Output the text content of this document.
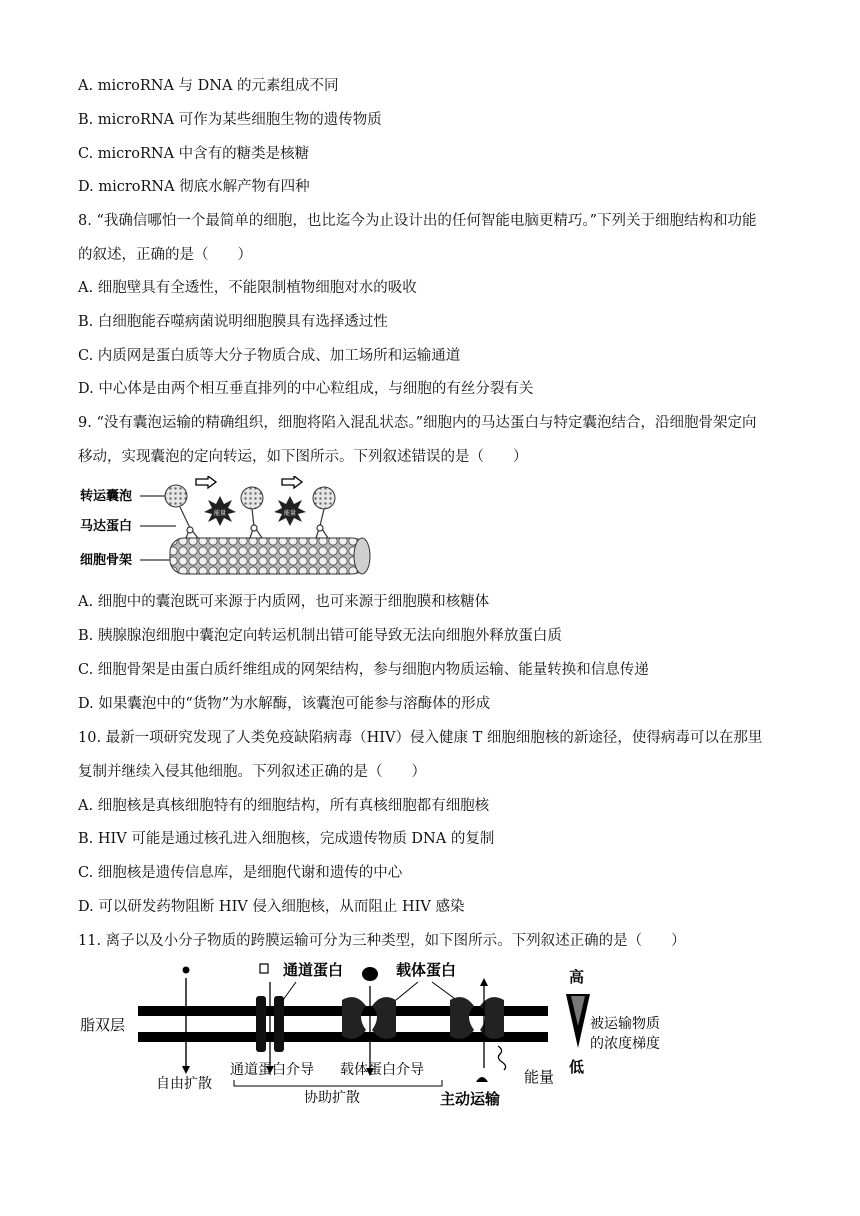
A. microRNA 与 DNA 的元素组成不同
B. microRNA 可作为某些细胞生物的遗传物质
C. microRNA 中含有的糖类是核糖
D. microRNA 彻底水解产物有四种
8. “我确信哪怕一个最简单的细胞，也比迄今为止设计出的任何智能电脑更精巧。”下列关于细胞结构和功能
的叙述，正确的是（　　）
A. 细胞壁具有全透性，不能限制植物细胞对水的吸收
B. 白细胞能吞噬病菌说明细胞膜具有选择透过性
C. 内质网是蛋白质等大分子物质合成、加工场所和运输通道
D. 中心体是由两个相互垂直排列的中心粒组成，与细胞的有丝分裂有关
9. “没有囊泡运输的精确组织，细胞将陷入混乱状态。”细胞内的马达蛋白与特定囊泡结合，沿细胞骨架定向
移动，实现囊泡的定向转运，如下图所示。下列叙述错误的是（　　）
转运囊泡
马达蛋白
细胞骨架
能量	能量
A. 细胞中的囊泡既可来源于内质网，也可来源于细胞膜和核糖体
B. 胰腺腺泡细胞中囊泡定向转运机制出错可能导致无法向细胞外释放蛋白质
C. 细胞骨架是由蛋白质纤维组成的网架结构，参与细胞内物质运输、能量转换和信息传递
D. 如果囊泡中的“货物”为水解酶，该囊泡可能参与溶酶体的形成
10. 最新一项研究发现了人类免疫缺陷病毒（HIV）侵入健康 T 细胞细胞核的新途径，使得病毒可以在那里
复制并继续入侵其他细胞。下列叙述正确的是（　　）
A. 细胞核是真核细胞特有的细胞结构，所有真核细胞都有细胞核
B. HIV 可能是通过核孔进入细胞核，完成遗传物质 DNA 的复制
C. 细胞核是遗传信息库，是细胞代谢和遗传的中心
D. 可以研发药物阻断 HIV 侵入细胞核，从而阻止 HIV 感染
11. 离子以及小分子物质的跨膜运输可分为三种类型，如下图所示。下列叙述正确的是（　　）
脂双层
自由扩散
通道蛋白	载体蛋白
能量
主动运输
高
低
被运输物质
的浓度梯度
通道蛋白介导 载体蛋白介导
协助扩散
